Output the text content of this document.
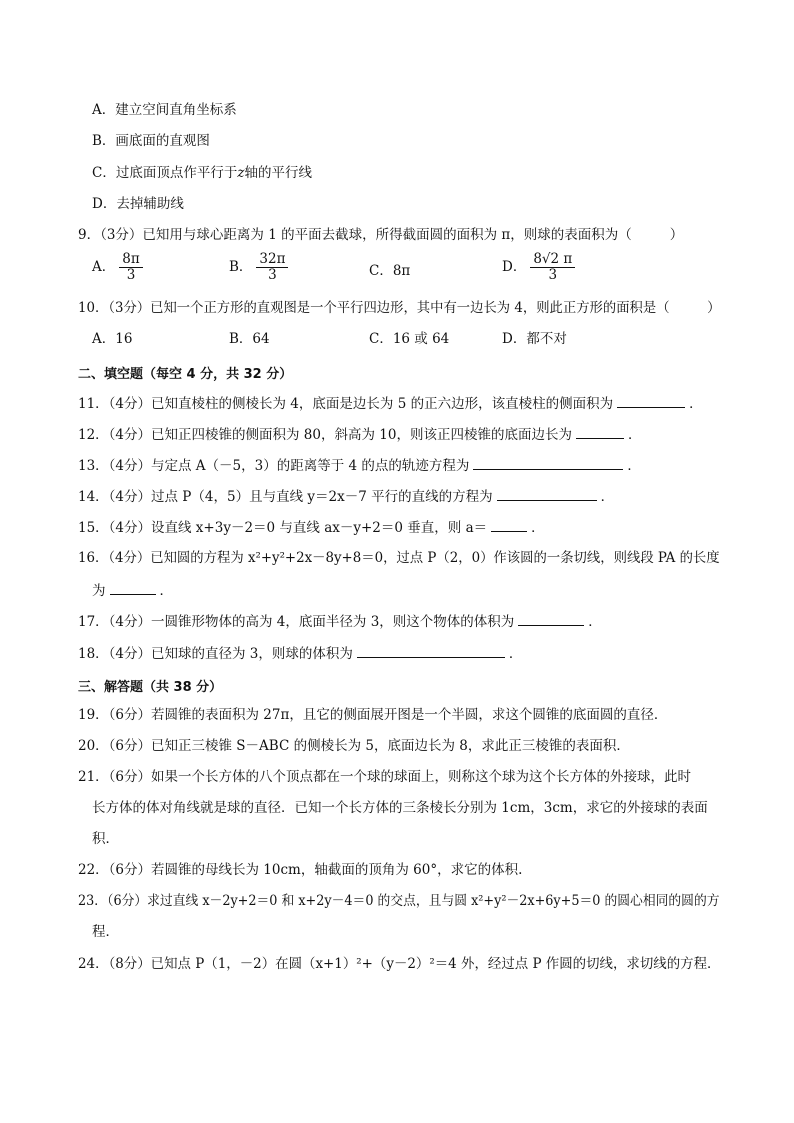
A．建立空间直角坐标系
B．画底面的直观图
C．过底面顶点作平行于z轴的平行线
D．去掉辅助线
9．（3分）已知用与球心距离为 1 的平面去截球，所得截面圆的面积为 π，则球的表面积为（	）
A． $\frac{8\pi}{3}$	B． $\frac{32\pi}{3}$	C．8π	D． $\frac{8√2 \pi}{3}$
10．（3分）已知一个正方形的直观图是一个平行四边形，其中有一边长为 4，则此正方形的面积是（	）
A．16	B．64	C．16 或 64	D．都不对
二、填空题（每空 4 分，共 32 分）
11．（4分）已知直棱柱的侧棱长为 4，底面是边长为 5 的正六边形，该直棱柱的侧面积为	．
12．（4分）已知正四棱锥的侧面积为 80，斜高为 10，则该正四棱锥的底面边长为	．
13．（4分）与定点 A（－5，3）的距离等于 4 的点的轨迹方程为	．
14．（4分）过点 P（4，5）且与直线 y＝2x－7 平行的直线的方程为	．
15．（4分）设直线 x+3y－2＝0 与直线 ax－y+2＝0 垂直，则 a＝	．
16．（4分）已知圆的方程为 x²+y²+2x－8y+8＝0，过点 P（2，0）作该圆的一条切线，则线段 PA 的长度
为	．
17．（4分）一圆锥形物体的高为 4，底面半径为 3，则这个物体的体积为	．
18．（4分）已知球的直径为 3，则球的体积为	．
三、解答题（共 38 分）
19．（6分）若圆锥的表面积为 27π，且它的侧面展开图是一个半圆，求这个圆锥的底面圆的直径．
20．（6分）已知正三棱锥 S－ABC 的侧棱长为 5，底面边长为 8，求此正三棱锥的表面积．
21．（6分）如果一个长方体的八个顶点都在一个球的球面上，则称这个球为这个长方体的外接球，此时
长方体的体对角线就是球的直径．已知一个长方体的三条棱长分别为 1cm，3cm，求它的外接球的表面
积．
22．（6分）若圆锥的母线长为 10cm，轴截面的顶角为 60°，求它的体积.
23．（6分）求过直线 x－2y+2＝0 和 x+2y－4＝0 的交点，且与圆 x²+y²－2x+6y+5＝0 的圆心相同的圆的方
程．
24．（8分）已知点 P（1，－2）在圆（x+1）²+（y－2）²＝4 外，经过点 P 作圆的切线，求切线的方程．
